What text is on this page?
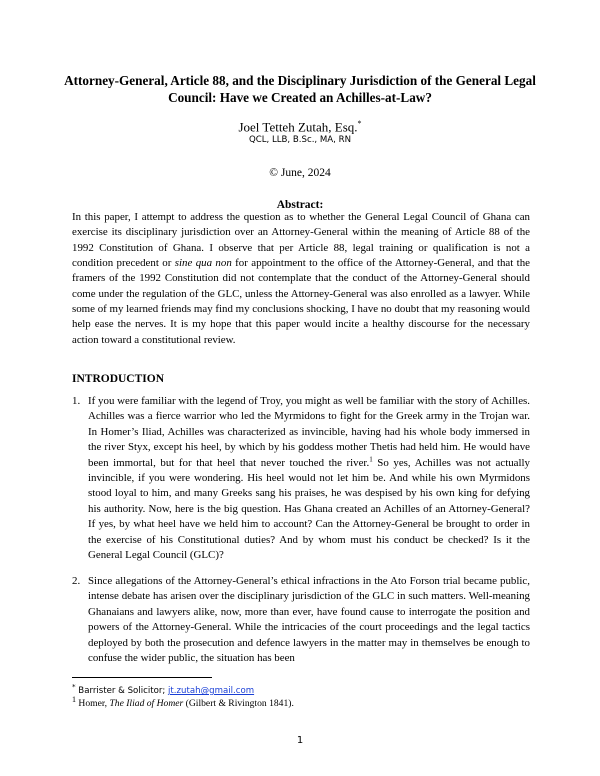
Attorney-General, Article 88, and the Disciplinary Jurisdiction of the General Legal Council: Have we Created an Achilles-at-Law?
Joel Tetteh Zutah, Esq.*
QCL, LLB, B.Sc., MA, RN
© June, 2024
Abstract:
In this paper, I attempt to address the question as to whether the General Legal Council of Ghana can exercise its disciplinary jurisdiction over an Attorney-General within the meaning of Article 88 of the 1992 Constitution of Ghana. I observe that per Article 88, legal training or qualification is not a condition precedent or sine qua non for appointment to the office of the Attorney-General, and that the framers of the 1992 Constitution did not contemplate that the conduct of the Attorney-General should come under the regulation of the GLC, unless the Attorney-General was also enrolled as a lawyer. While some of my learned friends may find my conclusions shocking, I have no doubt that my reasoning would help ease the nerves. It is my hope that this paper would incite a healthy discourse for the necessary action toward a constitutional review.
INTRODUCTION
1. If you were familiar with the legend of Troy, you might as well be familiar with the story of Achilles. Achilles was a fierce warrior who led the Myrmidons to fight for the Greek army in the Trojan war. In Homer’s Iliad, Achilles was characterized as invincible, having had his whole body immersed in the river Styx, except his heel, by which by his goddess mother Thetis had held him. He would have been immortal, but for that heel that never touched the river.$^1$ So yes, Achilles was not actually invincible, if you were wondering. His heel would not let him be. And while his own Myrmidons stood loyal to him, and many Greeks sang his praises, he was despised by his own king for defying his authority. Now, here is the big question. Has Ghana created an Achilles of an Attorney-General? If yes, by what heel have we held him to account? Can the Attorney-General be brought to order in the exercise of his Constitutional duties? And by whom must his conduct be checked? Is it the General Legal Council (GLC)?
2. Since allegations of the Attorney-General’s ethical infractions in the Ato Forson trial became public, intense debate has arisen over the disciplinary jurisdiction of the GLC in such matters. Well-meaning Ghanaians and lawyers alike, now, more than ever, have found cause to interrogate the position and powers of the Attorney-General. While the intricacies of the court proceedings and the legal tactics deployed by both the prosecution and defence lawyers in the matter may in themselves be enough to confuse the wider public, the situation has been
* Barrister & Solicitor; jt.zutah@gmail.com
$^1$ Homer, The Iliad of Homer (Gilbert & Rivington 1841).
1
